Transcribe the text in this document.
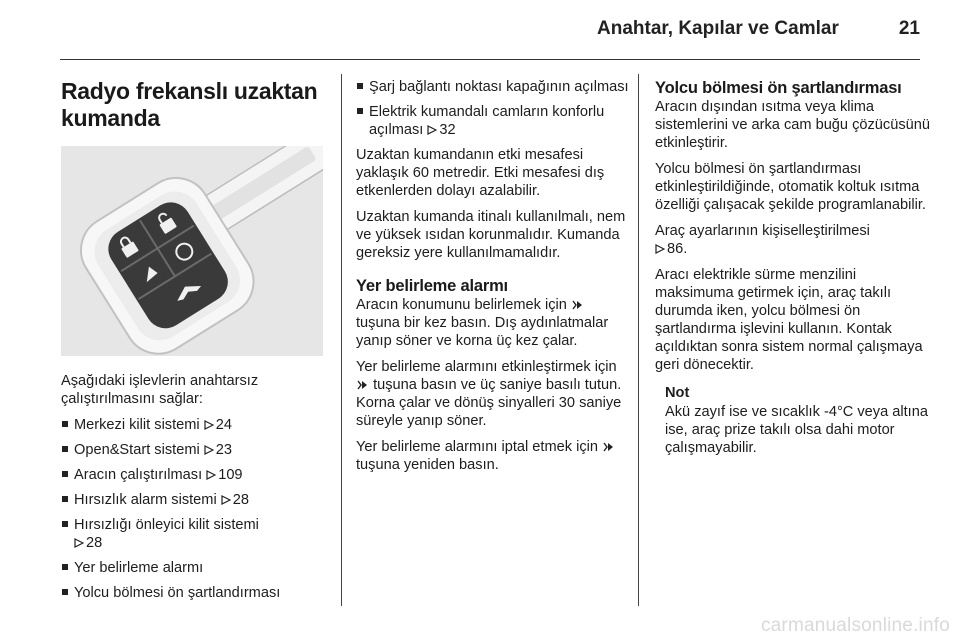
Anahtar, Kapılar ve Camlar	21
Radyo frekanslı uzaktan kumanda

Aşağıdaki işlevlerin anahtarsız çalıştırılmasını sağlar:

Merkezi kilit sistemi 24
Open&Start sistemi 23
Aracın çalıştırılması 109
Hırsızlık alarm sistemi 28
Hırsızlığı önleyici kilit sistemi
28
Yer belirleme alarmı
Yolcu bölmesi ön şartlandırması
Şarj bağlantı noktası kapağının açılması
Elektrik kumandalı camların konforlu açılması 32

Uzaktan kumandanın etki mesafesi yaklaşık 60 metredir. Etki mesafesi dış etkenlerden dolayı azalabilir.

Uzaktan kumanda itinalı kullanılmalı, nem ve yüksek ısıdan korunmalıdır. Kumanda gereksiz yere kullanılmamalıdır.

Yer belirleme alarmı

Aracın konumunu belirlemek için  tuşuna bir kez basın. Dış aydınlatmalar yanıp söner ve korna üç kez çalar.

Yer belirleme alarmını etkinleştirmek için  tuşuna basın ve üç saniye basılı tutun. Korna çalar ve dönüş sinyalleri 30 saniye süreyle yanıp söner.

Yer belirleme alarmını iptal etmek için  tuşuna yeniden basın.

Yolcu bölmesi ön şartlandırması

Aracın dışından ısıtma veya klima sistemlerini ve arka cam buğu çözücüsünü etkinleştirir.

Yolcu bölmesi ön şartlandırması etkinleştirildiğinde, otomatik koltuk ısıtma özelliği çalışacak şekilde programlanabilir.

Araç ayarlarının kişiselleştirilmesi
86.

Aracı elektrikle sürme menzilini maksimuma getirmek için, araç takılı durumda iken, yolcu bölmesi ön şartlandırma işlevini kullanın. Kontak açıldıktan sonra sistem normal çalışmaya geri dönecektir.

Not
Akü zayıf ise ve sıcaklık -4°C veya altına ise, araç prize takılı olsa dahi motor çalışmayabilir.
carmanualsonline.info
